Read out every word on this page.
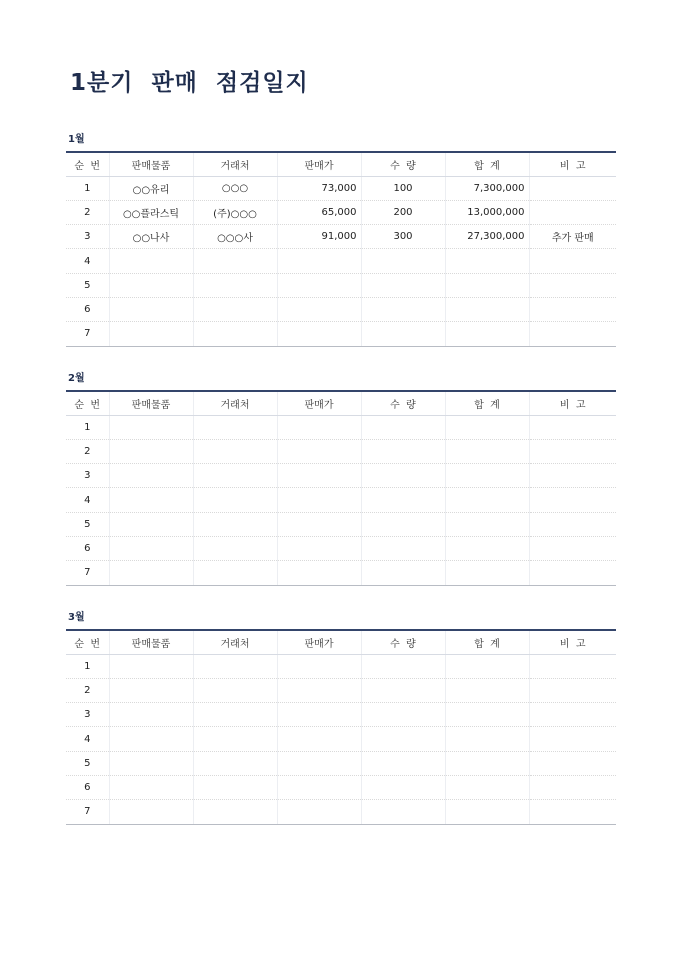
1분기  판매  점검일지
1월
순  번	판매물품	거래처	판매가	수  량	합  계	비  고
1	○○유리	○○○	73,000	100	7,300,000	
2	○○플라스틱	(주)○○○	65,000	200	13,000,000	
3	○○나사	○○○사	91,000	300	27,300,000	추가 판매
4						
5						
6						
7						
2월
순  번	판매물품	거래처	판매가	수  량	합  계	비  고
1						
2						
3						
4						
5						
6						
7						
3월
순  번	판매물품	거래처	판매가	수  량	합  계	비  고
1						
2						
3						
4						
5						
6						
7						
